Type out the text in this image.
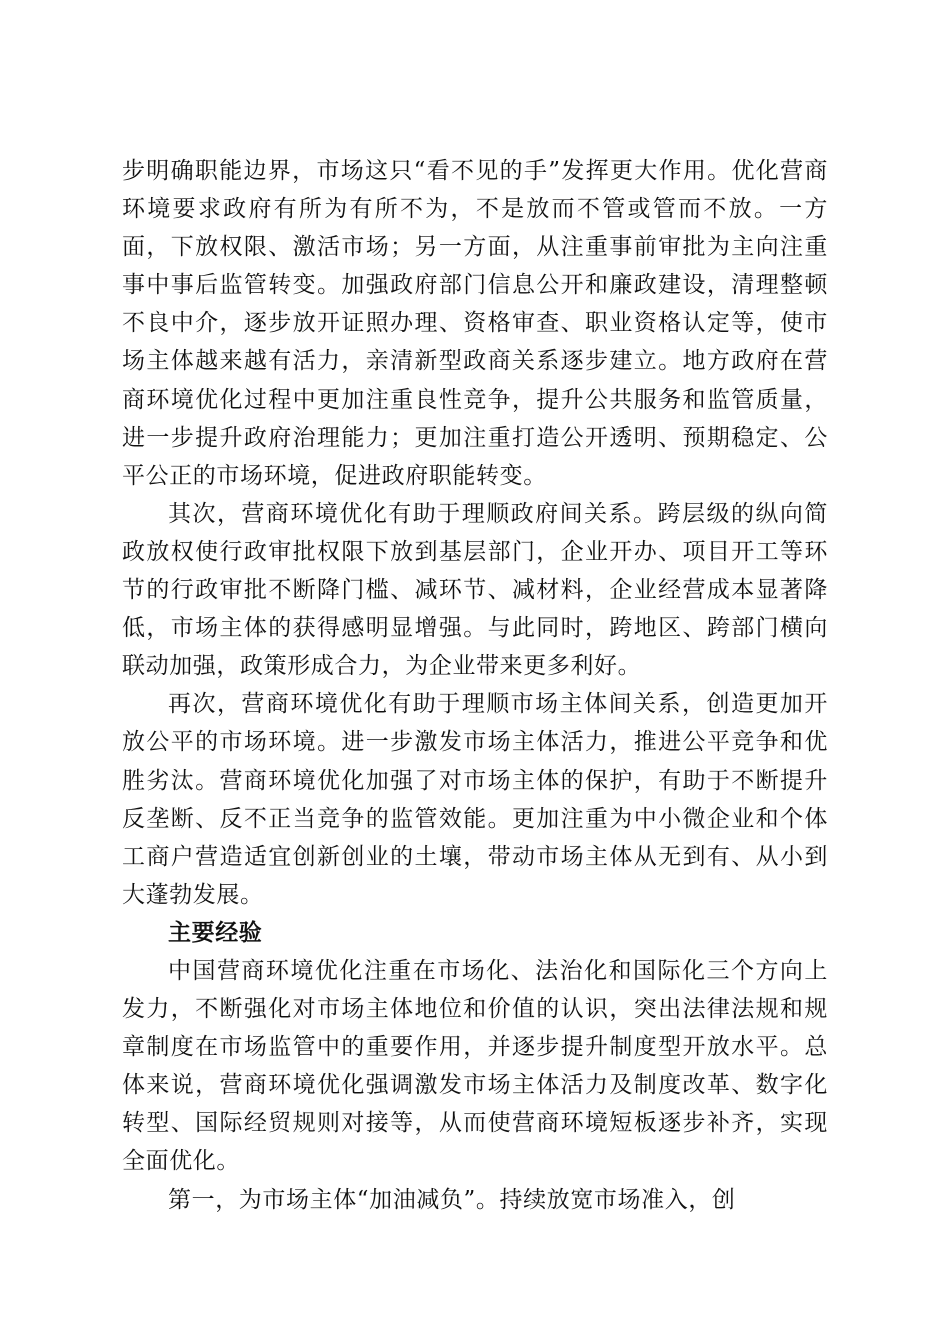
步明确职能边界，市场这只“看不见的手”发挥更大作用。优化营商环境要求政府有所为有所不为，不是放而不管或管而不放。一方面，下放权限、激活市场；另一方面，从注重事前审批为主向注重事中事后监管转变。加强政府部门信息公开和廉政建设，清理整顿不良中介，逐步放开证照办理、资格审查、职业资格认定等，使市场主体越来越有活力，亲清新型政商关系逐步建立。地方政府在营商环境优化过程中更加注重良性竞争，提升公共服务和监管质量，进一步提升政府治理能力；更加注重打造公开透明、预期稳定、公平公正的市场环境，促进政府职能转变。

其次，营商环境优化有助于理顺政府间关系。跨层级的纵向简政放权使行政审批权限下放到基层部门，企业开办、项目开工等环节的行政审批不断降门槛、减环节、减材料，企业经营成本显著降低，市场主体的获得感明显增强。与此同时，跨地区、跨部门横向联动加强，政策形成合力，为企业带来更多利好。

再次，营商环境优化有助于理顺市场主体间关系，创造更加开放公平的市场环境。进一步激发市场主体活力，推进公平竞争和优胜劣汰。营商环境优化加强了对市场主体的保护，有助于不断提升反垄断、反不正当竞争的监管效能。更加注重为中小微企业和个体工商户营造适宜创新创业的土壤，带动市场主体从无到有、从小到大蓬勃发展。

主要经验

中国营商环境优化注重在市场化、法治化和国际化三个方向上发力，不断强化对市场主体地位和价值的认识，突出法律法规和规章制度在市场监管中的重要作用，并逐步提升制度型开放水平。总体来说，营商环境优化强调激发市场主体活力及制度改革、数字化转型、国际经贸规则对接等，从而使营商环境短板逐步补齐，实现全面优化。

第一，为市场主体“加油减负”。持续放宽市场准入，创
